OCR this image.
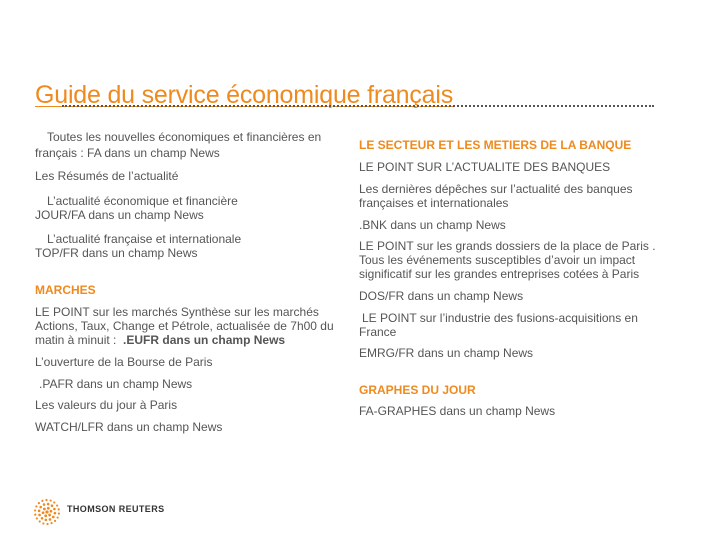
Guide du service économique français

Toutes les nouvelles économiques et financières en

français : FA dans un champ News

Les Résumés de l’actualité

L’actualité économique et financière

JOUR/FA dans un champ News

L’actualité française et internationale

TOP/FR dans un champ News

MARCHES

LE POINT sur les marchés Synthèse sur les marchés

Actions, Taux, Change et Pétrole, actualisée de 7h00 du

matin à minuit : .EUFR dans un champ News

L’ouverture de la Bourse de Paris

.PAFR dans un champ News

Les valeurs du jour à Paris

WATCH/LFR dans un champ News

LE SECTEUR ET LES METIERS DE LA BANQUE

LE POINT SUR L’ACTUALITE DES BANQUES

Les dernières dépêches sur l’actualité des banques

françaises et internationales

.BNK dans un champ News

LE POINT sur les grands dossiers de la place de Paris .

Tous les événements susceptibles d’avoir un impact

significatif sur les grandes entreprises cotées à Paris

DOS/FR dans un champ News

LE POINT sur l’industrie des fusions-acquisitions en

France

EMRG/FR dans un champ News

GRAPHES DU JOUR

FA-GRAPHES dans un champ News

THOMSON REUTERS
